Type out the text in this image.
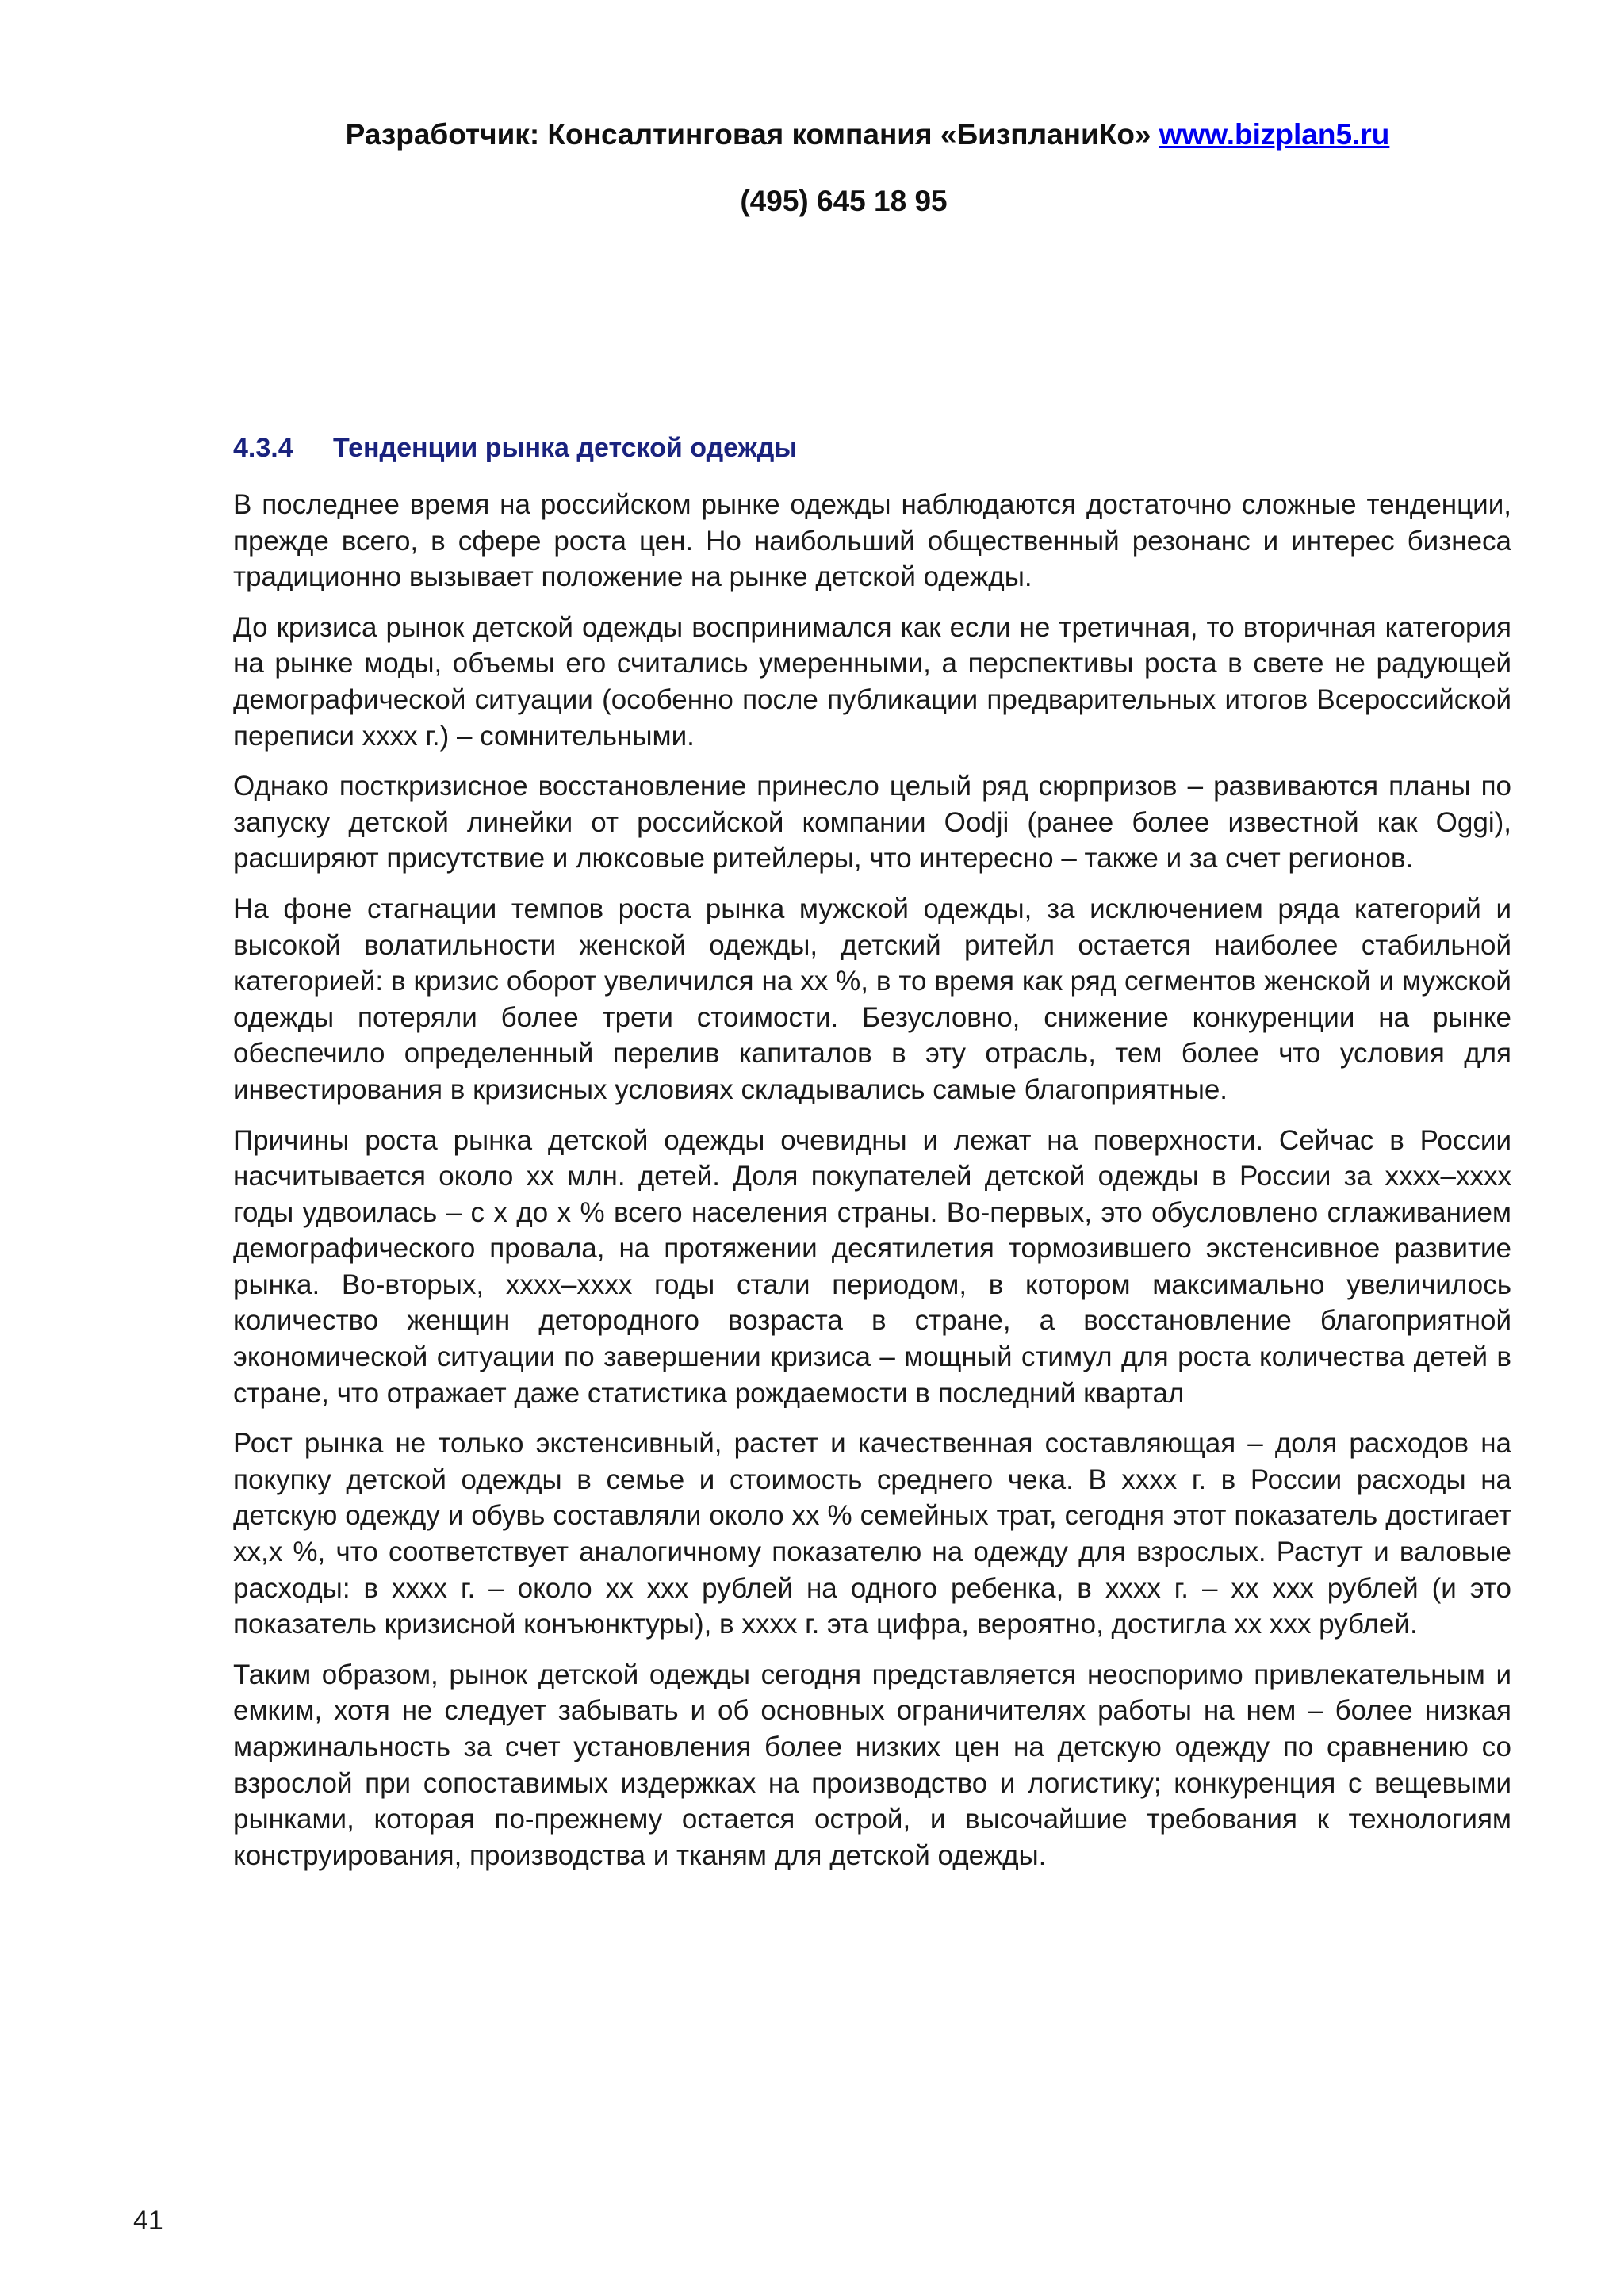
Разработчик: Консалтинговая компания «БизпланиКо» www.bizplan5.ru
(495) 645 18 95
4.3.4 Тенденции рынка детской одежды

В последнее время на российском рынке одежды наблюдаются достаточно сложные тенденции, прежде всего, в сфере роста цен. Но наибольший общественный резонанс и интерес бизнеса традиционно вызывает положение на рынке детской одежды.

До кризиса рынок детской одежды воспринимался как если не третичная, то вторичная категория на рынке моды, объемы его считались умеренными, а перспективы роста в свете не радующей демографической ситуации (особенно после публикации предварительных итогов Всероссийской переписи хххх г.) – сомнительными.

Однако посткризисное восстановление принесло целый ряд сюрпризов – развиваются планы по запуску детской линейки от российской компании Oodji (ранее более известной как Oggi), расширяют присутствие и люксовые ритейлеры, что интересно – также и за счет регионов.

На фоне стагнации темпов роста рынка мужской одежды, за исключением ряда категорий и высокой волатильности женской одежды, детский ритейл остается наиболее стабильной категорией: в кризис оборот увеличился на хх %, в то время как ряд сегментов женской и мужской одежды потеряли более трети стоимости. Безусловно, снижение конкуренции на рынке обеспечило определенный перелив капиталов в эту отрасль, тем более что условия для инвестирования в кризисных условиях складывались самые благоприятные.

Причины роста рынка детской одежды очевидны и лежат на поверхности. Сейчас в России насчитывается около хх млн. детей. Доля покупателей детской одежды в России за хххх–хххх годы удвоилась – с х до х % всего населения страны. Во-первых, это обусловлено сглаживанием демографического провала, на протяжении десятилетия тормозившего экстенсивное развитие рынка. Во-вторых, хххх–хххх годы стали периодом, в котором максимально увеличилось количество женщин детородного возраста в стране, а восстановление благоприятной экономической ситуации по завершении кризиса – мощный стимул для роста количества детей в стране, что отражает даже статистика рождаемости в последний квартал

Рост рынка не только экстенсивный, растет и качественная составляющая – доля расходов на покупку детской одежды в семье и стоимость среднего чека. В хххх г. в России расходы на детскую одежду и обувь составляли около хх % семейных трат, сегодня этот показатель достигает хх,х %, что соответствует аналогичному показателю на одежду для взрослых. Растут и валовые расходы: в хххх г. – около хх ххх рублей на одного ребенка, в хххх г. – хх ххх рублей (и это показатель кризисной конъюнктуры), в хххх г. эта цифра, вероятно, достигла хх ххх рублей.

Таким образом, рынок детской одежды сегодня представляется неоспоримо привлекательным и емким, хотя не следует забывать и об основных ограничителях работы на нем – более низкая маржинальность за счет установления более низких цен на детскую одежду по сравнению со взрослой при сопоставимых издержках на производство и логистику; конкуренция с вещевыми рынками, которая по-прежнему остается острой, и высочайшие требования к технологиям конструирования, производства и тканям для детской одежды.

41
